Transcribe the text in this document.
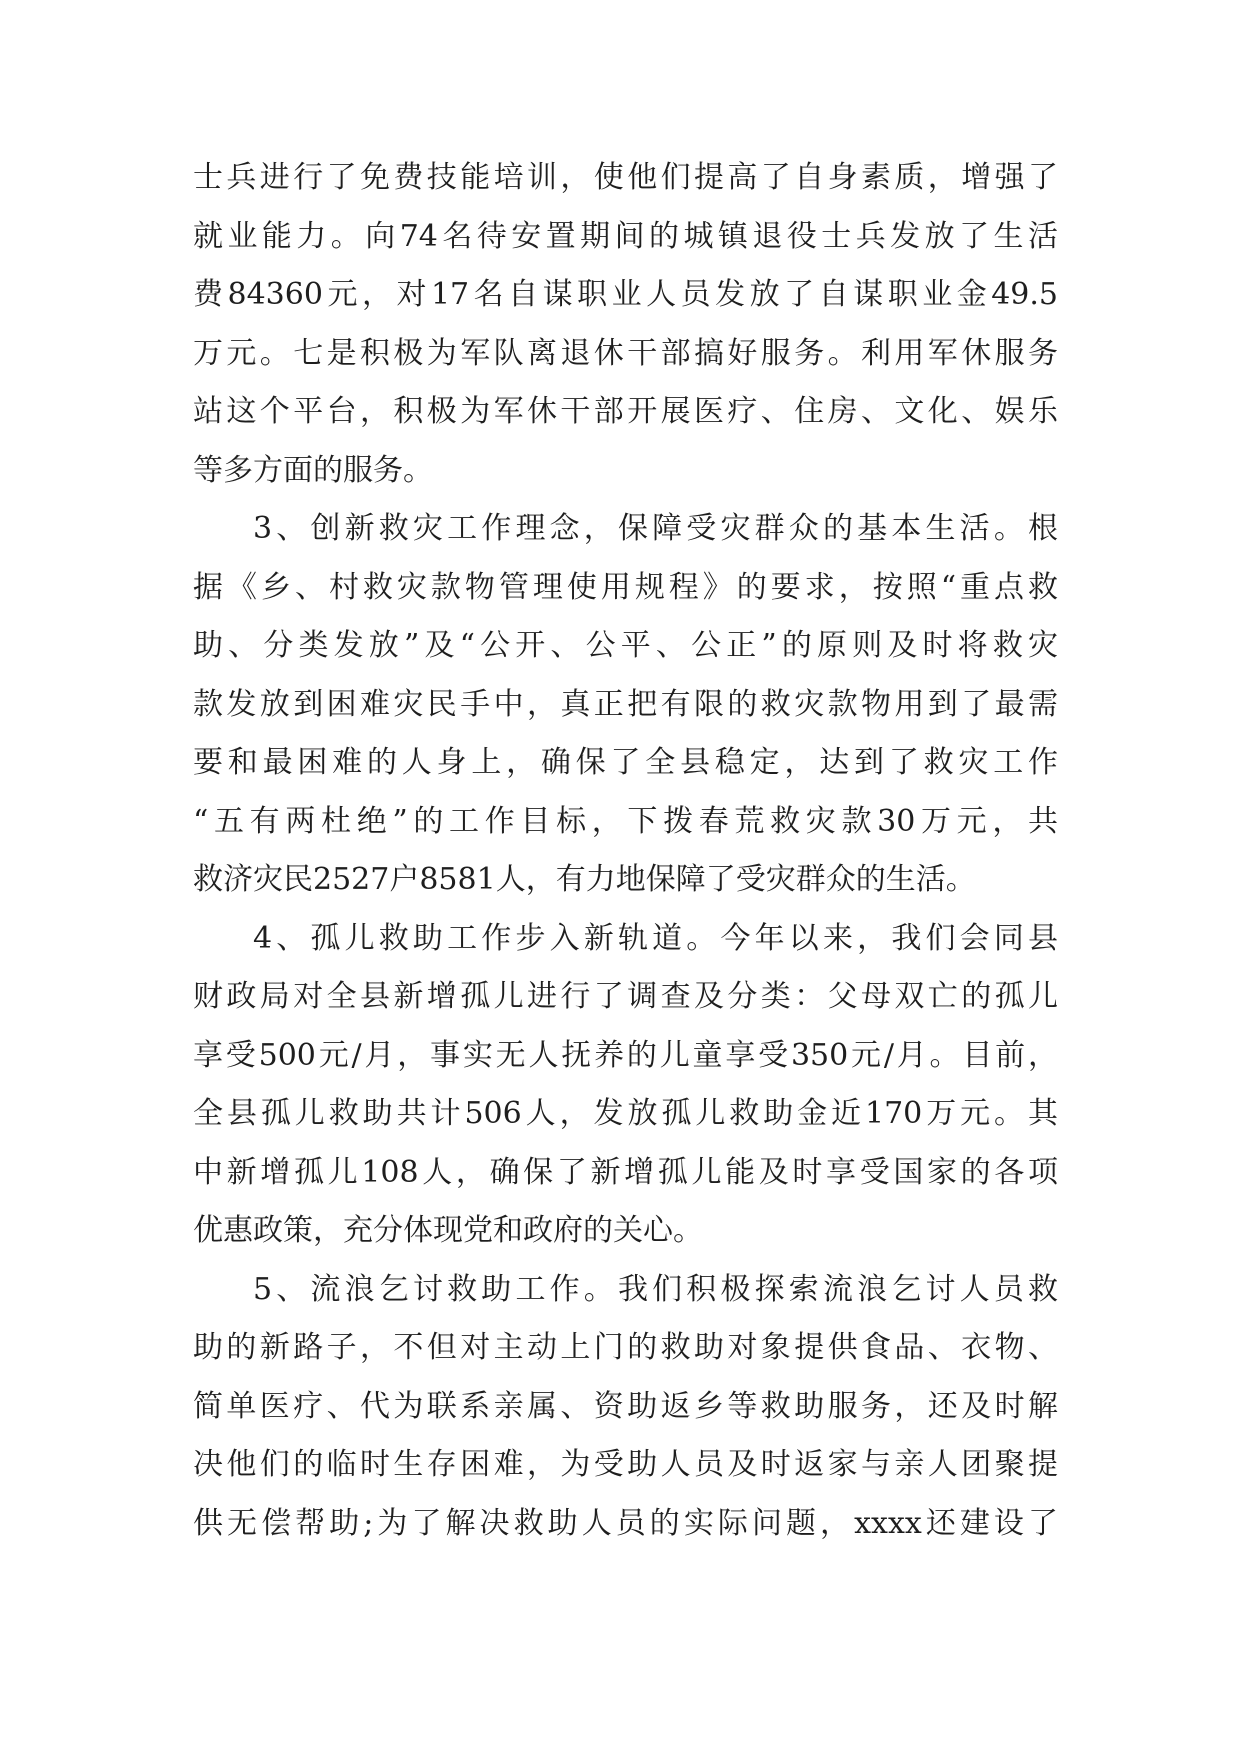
士兵进行了免费技能培训，使他们提高了自身素质，增强了
就业能力。向74名待安置期间的城镇退役士兵发放了生活
费84360元，对17名自谋职业人员发放了自谋职业金49.5
万元。七是积极为军队离退休干部搞好服务。利用军休服务
站这个平台，积极为军休干部开展医疗、住房、文化、娱乐
等多方面的服务。
3、创新救灾工作理念，保障受灾群众的基本生活。根
据《乡、村救灾款物管理使用规程》的要求，按照“重点救
助、分类发放”及“公开、公平、公正”的原则及时将救灾
款发放到困难灾民手中，真正把有限的救灾款物用到了最需
要和最困难的人身上，确保了全县稳定，达到了救灾工作
“五有两杜绝”的工作目标，下拨春荒救灾款30万元，共
救济灾民2527户8581人，有力地保障了受灾群众的生活。
4、孤儿救助工作步入新轨道。今年以来，我们会同县
财政局对全县新增孤儿进行了调查及分类：父母双亡的孤儿
享受500元/月，事实无人抚养的儿童享受350元/月。目前，
全县孤儿救助共计506人，发放孤儿救助金近170万元。其
中新增孤儿108人，确保了新增孤儿能及时享受国家的各项
优惠政策，充分体现党和政府的关心。
5、流浪乞讨救助工作。我们积极探索流浪乞讨人员救
助的新路子，不但对主动上门的救助对象提供食品、衣物、
简单医疗、代为联系亲属、资助返乡等救助服务，还及时解
决他们的临时生存困难，为受助人员及时返家与亲人团聚提
供无偿帮助;为了解决救助人员的实际问题，xxxx还建设了
